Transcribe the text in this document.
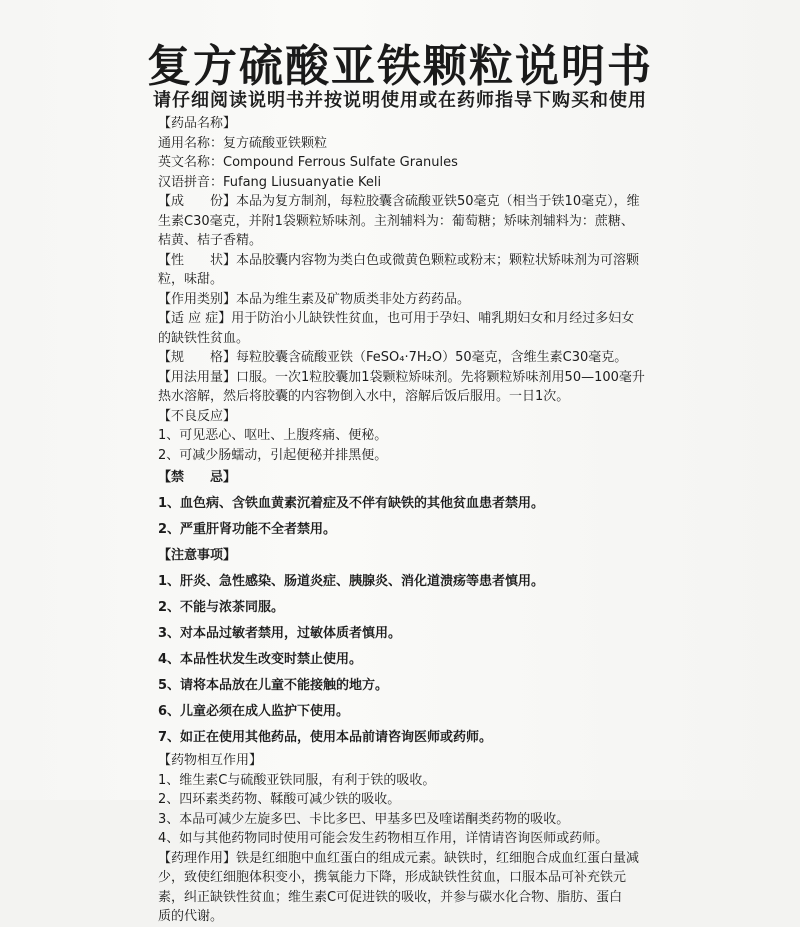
复方硫酸亚铁颗粒说明书
请仔细阅读说明书并按说明使用或在药师指导下购买和使用
【药品名称】
通用名称：复方硫酸亚铁颗粒
英文名称：Compound Ferrous Sulfate Granules
汉语拼音：Fufang Liusuanyatie Keli
【成　　份】本品为复方制剂，每粒胶囊含硫酸亚铁50毫克（相当于铁10毫克），维
生素C30毫克，并附1袋颗粒矫味剂。主剂辅料为：葡萄糖；矫味剂辅料为：蔗糖、
桔黄、桔子香精。
【性　　状】本品胶囊内容物为类白色或微黄色颗粒或粉末；颗粒状矫味剂为可溶颗
粒，味甜。
【作用类别】本品为维生素及矿物质类非处方药药品。
【适 应 症】用于防治小儿缺铁性贫血，也可用于孕妇、哺乳期妇女和月经过多妇女
的缺铁性贫血。
【规　　格】每粒胶囊含硫酸亚铁（FeSO₄·7H₂O）50毫克，含维生素C30毫克。
【用法用量】口服。一次1粒胶囊加1袋颗粒矫味剂。先将颗粒矫味剂用50—100毫升
热水溶解，然后将胶囊的内容物倒入水中，溶解后饭后服用。一日1次。
【不良反应】
1、可见恶心、呕吐、上腹疼痛、便秘。
2、可减少肠蠕动，引起便秘并排黑便。
【禁　　忌】
1、血色病、含铁血黄素沉着症及不伴有缺铁的其他贫血患者禁用。
2、严重肝肾功能不全者禁用。
【注意事项】
1、肝炎、急性感染、肠道炎症、胰腺炎、消化道溃疡等患者慎用。
2、不能与浓茶同服。
3、对本品过敏者禁用，过敏体质者慎用。
4、本品性状发生改变时禁止使用。
5、请将本品放在儿童不能接触的地方。
6、儿童必须在成人监护下使用。
7、如正在使用其他药品，使用本品前请咨询医师或药师。
【药物相互作用】
1、维生素C与硫酸亚铁同服，有利于铁的吸收。
2、四环素类药物、鞣酸可减少铁的吸收。
3、本品可减少左旋多巴、卡比多巴、甲基多巴及喹诺酮类药物的吸收。
4、如与其他药物同时使用可能会发生药物相互作用，详情请咨询医师或药师。
【药理作用】铁是红细胞中血红蛋白的组成元素。缺铁时，红细胞合成血红蛋白量减
少，致使红细胞体积变小，携氧能力下降，形成缺铁性贫血，口服本品可补充铁元
素，纠正缺铁性贫血；维生素C可促进铁的吸收，并参与碳水化合物、脂肪、蛋白
质的代谢。
